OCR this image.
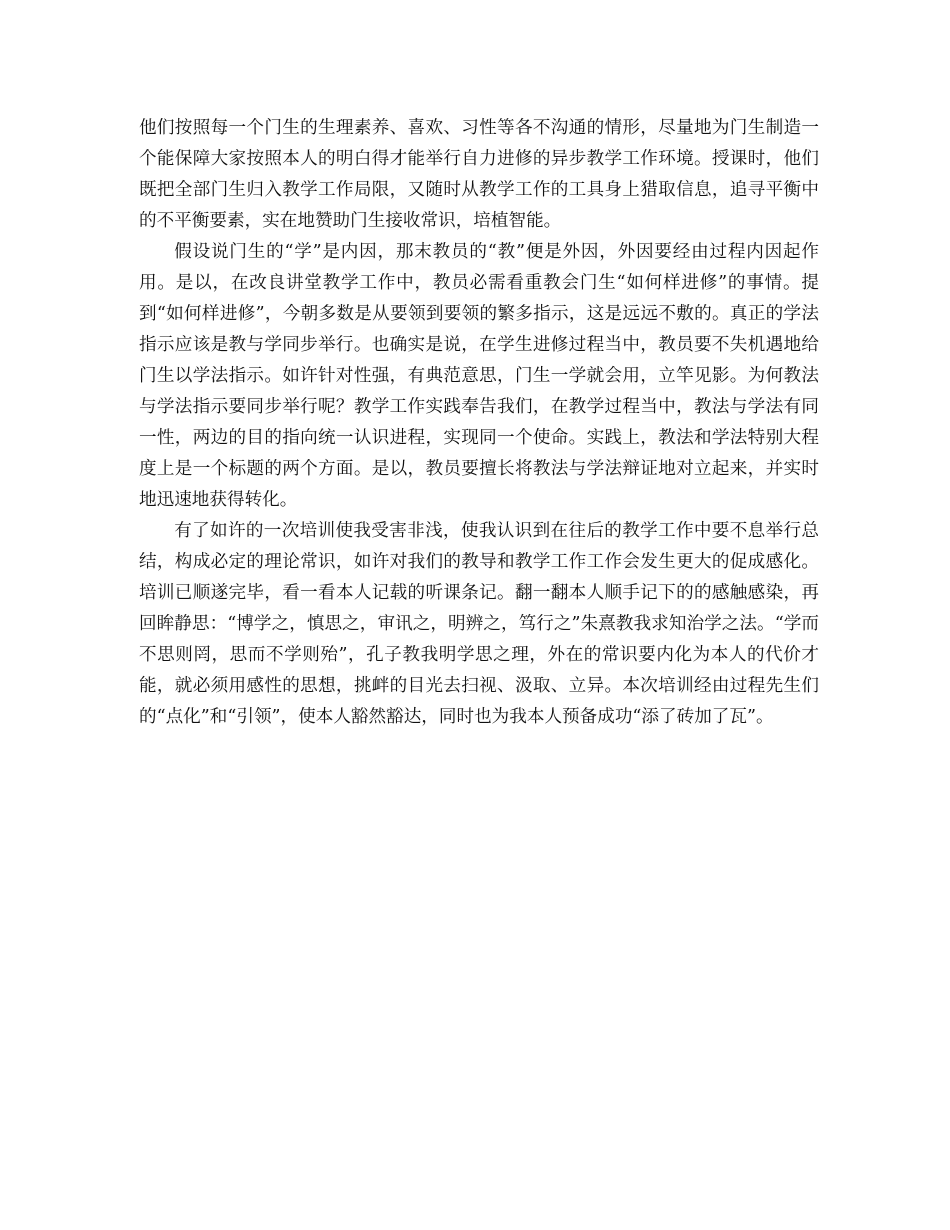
他们按照每一个门生的生理素养、喜欢、习性等各不沟通的情形，尽量地为门生制造一个能保障大家按照本人的明白得才能举行自力进修的异步教学工作环境。授课时，他们既把全部门生归入教学工作局限，又随时从教学工作的工具身上猎取信息，追寻平衡中的不平衡要素，实在地赞助门生接收常识，培植智能。

假设说门生的“学”是内因，那末教员的“教”便是外因，外因要经由过程内因起作用。是以，在改良讲堂教学工作中，教员必需看重教会门生“如何样进修”的事情。提到“如何样进修”，今朝多数是从要领到要领的繁多指示，这是远远不敷的。真正的学法指示应该是教与学同步举行。也确实是说，在学生进修过程当中，教员要不失机遇地给门生以学法指示。如许针对性强，有典范意思，门生一学就会用，立竿见影。为何教法与学法指示要同步举行呢？教学工作实践奉告我们，在教学过程当中，教法与学法有同一性，两边的目的指向统一认识进程，实现同一个使命。实践上，教法和学法特别大程度上是一个标题的两个方面。是以，教员要擅长将教法与学法辩证地对立起来，并实时地迅速地获得转化。

有了如许的一次培训使我受害非浅，使我认识到在往后的教学工作中要不息举行总结，构成必定的理论常识，如许对我们的教导和教学工作工作会发生更大的促成感化。培训已顺遂完毕，看一看本人记载的听课条记。翻一翻本人顺手记下的的感触感染，再回眸静思：“博学之，慎思之，审讯之，明辨之，笃行之”朱熹教我求知治学之法。“学而不思则罔，思而不学则殆”，孔子教我明学思之理，外在的常识要内化为本人的代价才能，就必须用感性的思想，挑衅的目光去扫视、汲取、立异。本次培训经由过程先生们的“点化”和“引领”，使本人豁然豁达，同时也为我本人预备成功“添了砖加了瓦”。
